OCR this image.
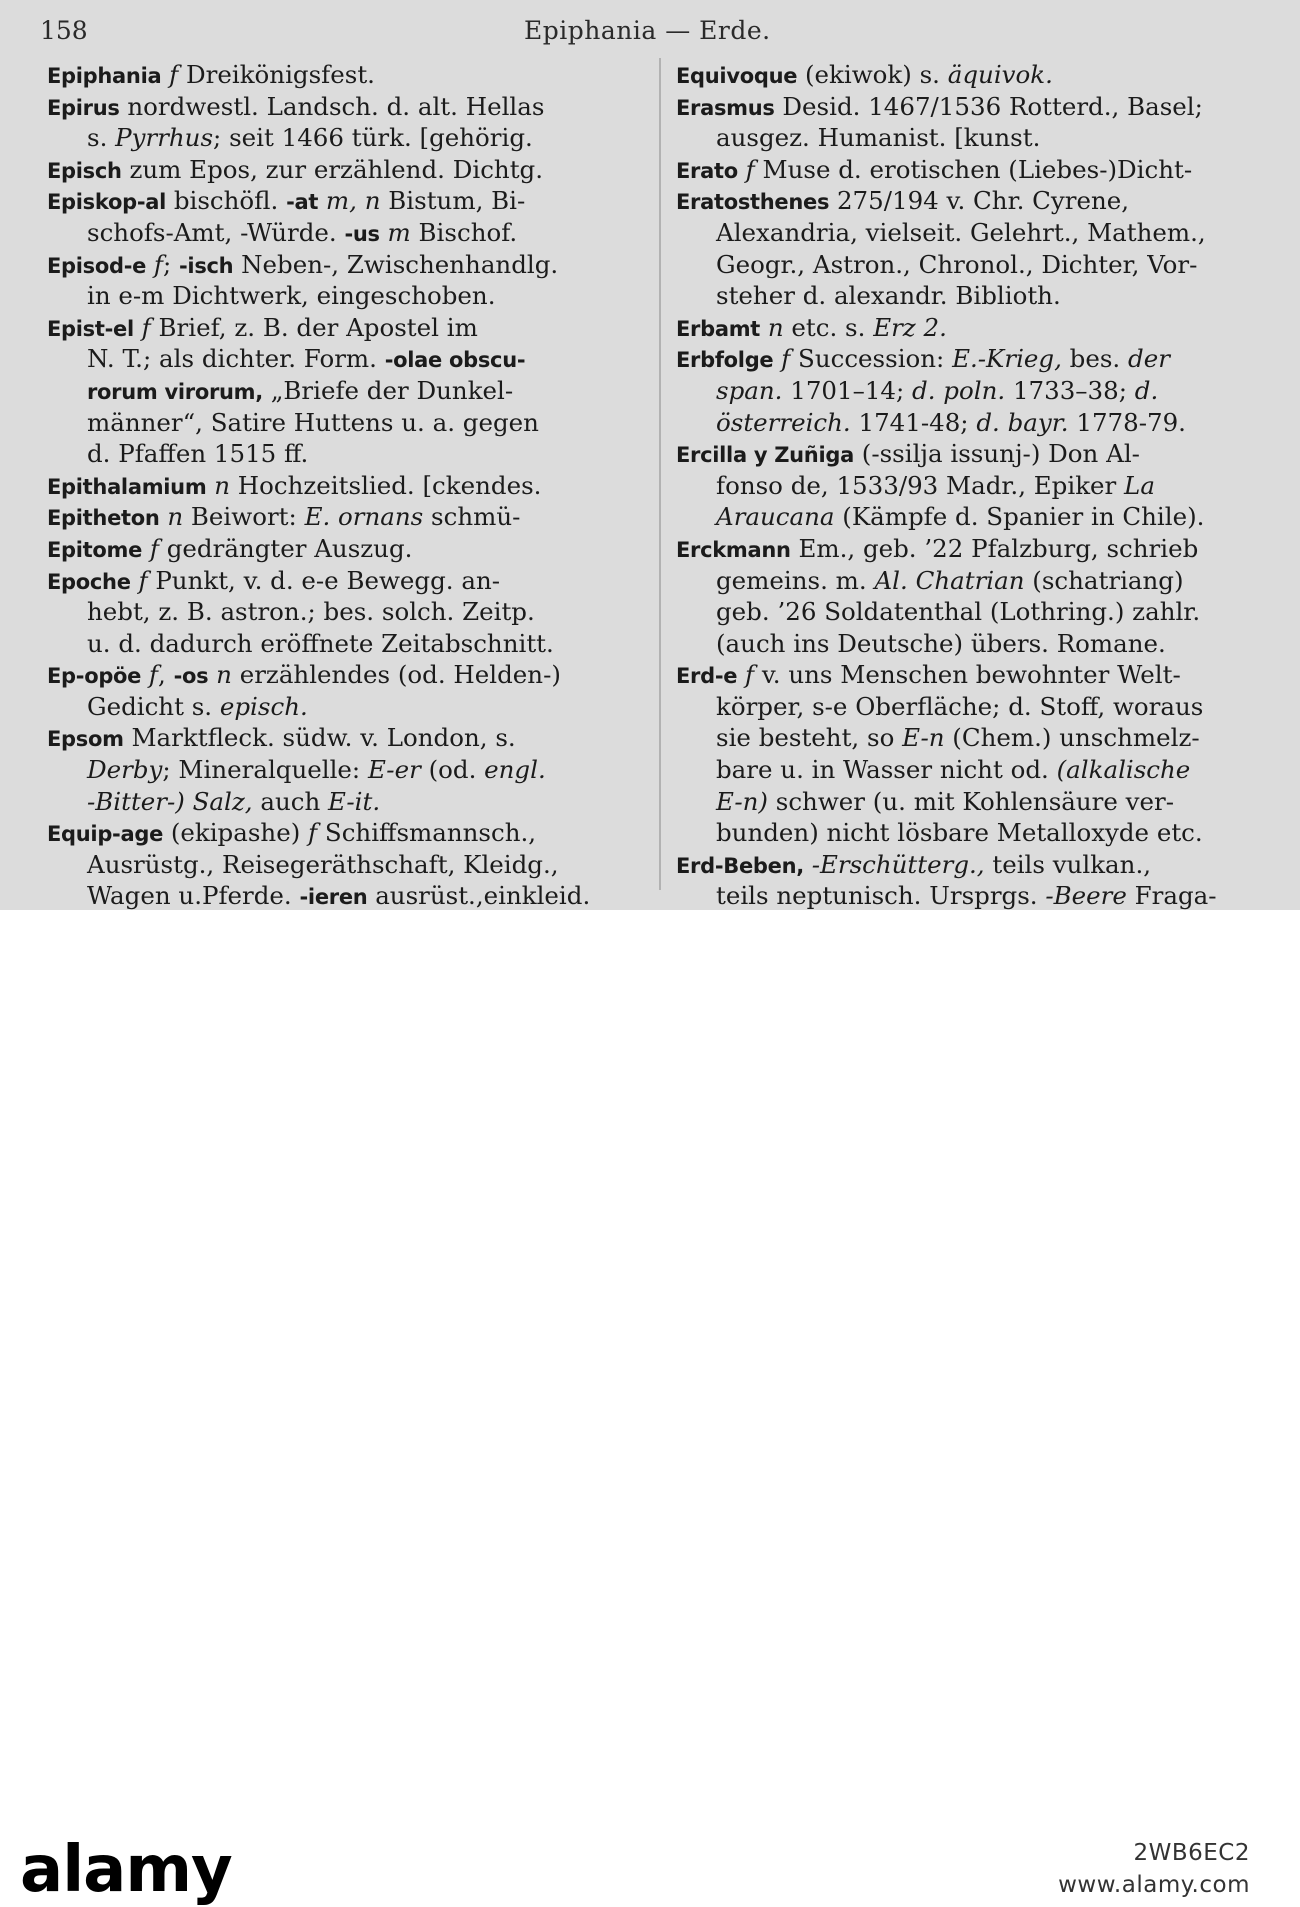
158	Epiphania — Erde.
Epiphania f Dreikönigsfest.
Epirus nordwestl. Landsch. d. alt. Hellas
s. Pyrrhus; seit 1466 türk. [gehörig.
Episch zum Epos, zur erzählend. Dichtg.
Episkop-al bischöfl. -at m, n Bistum, Bi-
schofs-Amt, -Würde. -us m Bischof.
Episod-e f; -isch Neben-, Zwischenhandlg.
in e-m Dichtwerk, eingeschoben.
Epist-el f Brief, z. B. der Apostel im
N. T.; als dichter. Form. -olae obscu-
rorum virorum, „Briefe der Dunkel-
männer“, Satire Huttens u. a. gegen
d. Pfaffen 1515 ff.
Epithalamium n Hochzeitslied. [ckendes.
Epitheton n Beiwort: E. ornans schmü-
Epitome f gedrängter Auszug.
Epoche f Punkt, v. d. e-e Bewegg. an-
hebt, z. B. astron.; bes. solch. Zeitp.
u. d. dadurch eröffnete Zeitabschnitt.
Ep-opöe f, -os n erzählendes (od. Helden-)
Gedicht s. episch.
Epsom Marktfleck. südw. v. London, s.
Derby; Mineralquelle: E-er (od. engl.
-Bitter-) Salz, auch E-it.
Equip-age (ekipashe) f Schiffsmannsch.,
Ausrüstg., Reisegeräthschaft, Kleidg.,
Wagen u.Pferde. -ieren ausrüst.,einkleid.
Equivoque (ekiwok) s. äquivok.
Erasmus Desid. 1467/1536 Rotterd., Basel;
ausgez. Humanist. [kunst.
Erato f Muse d. erotischen (Liebes-)Dicht-
Eratosthenes 275/194 v. Chr. Cyrene,
Alexandria, vielseit. Gelehrt., Mathem.,
Geogr., Astron., Chronol., Dichter, Vor-
steher d. alexandr. Biblioth.
Erbamt n etc. s. Erz 2.
Erbfolge f Succession: E.-Krieg, bes. der
span. 1701–14; d. poln. 1733–38; d.
österreich. 1741-48; d. bayr. 1778-79.
Ercilla y Zuñiga (-ssilja issunj-) Don Al-
fonso de, 1533/93 Madr., Epiker La
Araucana (Kämpfe d. Spanier in Chile).
Erckmann Em., geb. ’22 Pfalzburg, schrieb
gemeins. m. Al. Chatrian (schatriang)
geb. ’26 Soldatenthal (Lothring.) zahlr.
(auch ins Deutsche) übers. Romane.
Erd-e f v. uns Menschen bewohnter Welt-
körper, s-e Oberfläche; d. Stoff, woraus
sie besteht, so E-n (Chem.) unschmelz-
bare u. in Wasser nicht od. (alkalische
E-n) schwer (u. mit Kohlensäure ver-
bunden) nicht lösbare Metalloxyde etc.
Erd-Beben, -Erschütterg., teils vulkan.,
teils neptunisch. Ursprgs. -Beere Fraga-
alamy	2WB6EC2
www.alamy.com
